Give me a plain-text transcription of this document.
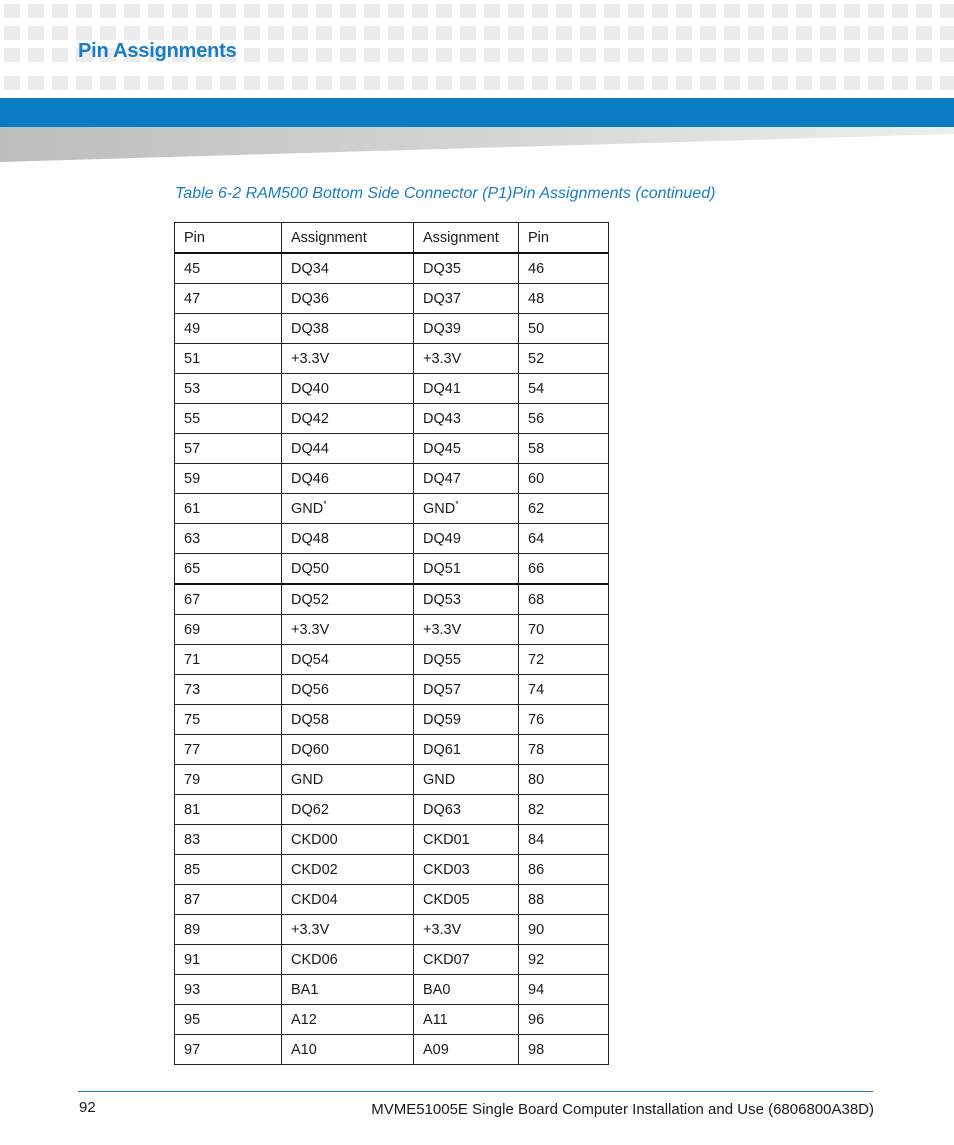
Pin Assignments
Table 6-2 RAM500 Bottom Side Connector (P1)Pin Assignments (continued)
Pin	Assignment	Assignment	Pin
45	DQ34	DQ35	46
47	DQ36	DQ37	48
49	DQ38	DQ39	50
51	+3.3V	+3.3V	52
53	DQ40	DQ41	54
55	DQ42	DQ43	56
57	DQ44	DQ45	58
59	DQ46	DQ47	60
61	GND*	GND*	62
63	DQ48	DQ49	64
65	DQ50	DQ51	66
67	DQ52	DQ53	68
69	+3.3V	+3.3V	70
71	DQ54	DQ55	72
73	DQ56	DQ57	74
75	DQ58	DQ59	76
77	DQ60	DQ61	78
79	GND	GND	80
81	DQ62	DQ63	82
83	CKD00	CKD01	84
85	CKD02	CKD03	86
87	CKD04	CKD05	88
89	+3.3V	+3.3V	90
91	CKD06	CKD07	92
93	BA1	BA0	94
95	A12	A11	96
97	A10	A09	98
92	MVME51005E Single Board Computer Installation and Use (6806800A38D)
